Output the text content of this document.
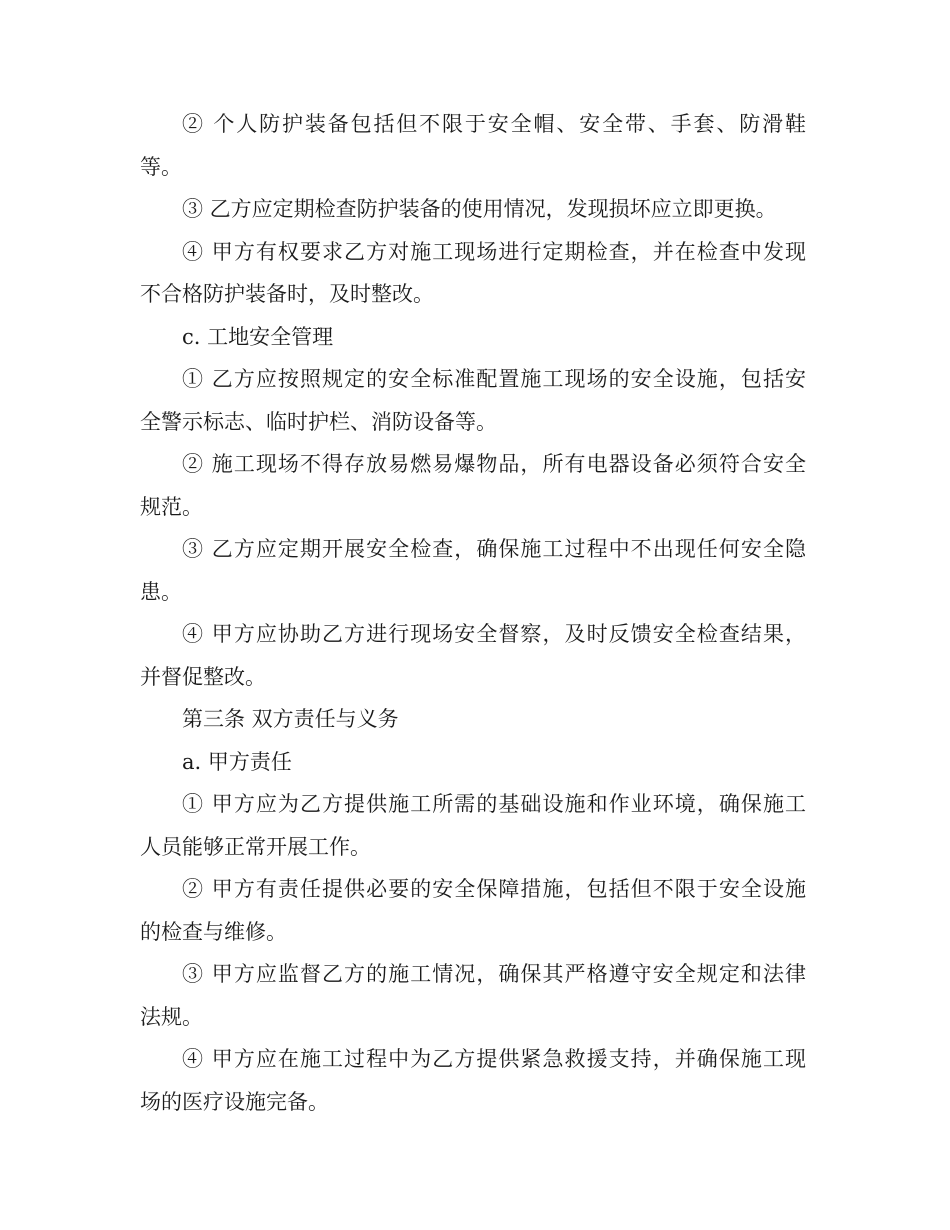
② 个人防护装备包括但不限于安全帽、安全带、手套、防滑鞋
等。

③ 乙方应定期检查防护装备的使用情况，发现损坏应立即更换。

④ 甲方有权要求乙方对施工现场进行定期检查，并在检查中发现
不合格防护装备时，及时整改。

c. 工地安全管理

① 乙方应按照规定的安全标准配置施工现场的安全设施，包括安
全警示标志、临时护栏、消防设备等。

② 施工现场不得存放易燃易爆物品，所有电器设备必须符合安全
规范。

③ 乙方应定期开展安全检查，确保施工过程中不出现任何安全隐
患。

④ 甲方应协助乙方进行现场安全督察，及时反馈安全检查结果，
并督促整改。

第三条 双方责任与义务

a. 甲方责任

① 甲方应为乙方提供施工所需的基础设施和作业环境，确保施工
人员能够正常开展工作。

② 甲方有责任提供必要的安全保障措施，包括但不限于安全设施
的检查与维修。

③ 甲方应监督乙方的施工情况，确保其严格遵守安全规定和法律
法规。

④ 甲方应在施工过程中为乙方提供紧急救援支持，并确保施工现
场的医疗设施完备。
